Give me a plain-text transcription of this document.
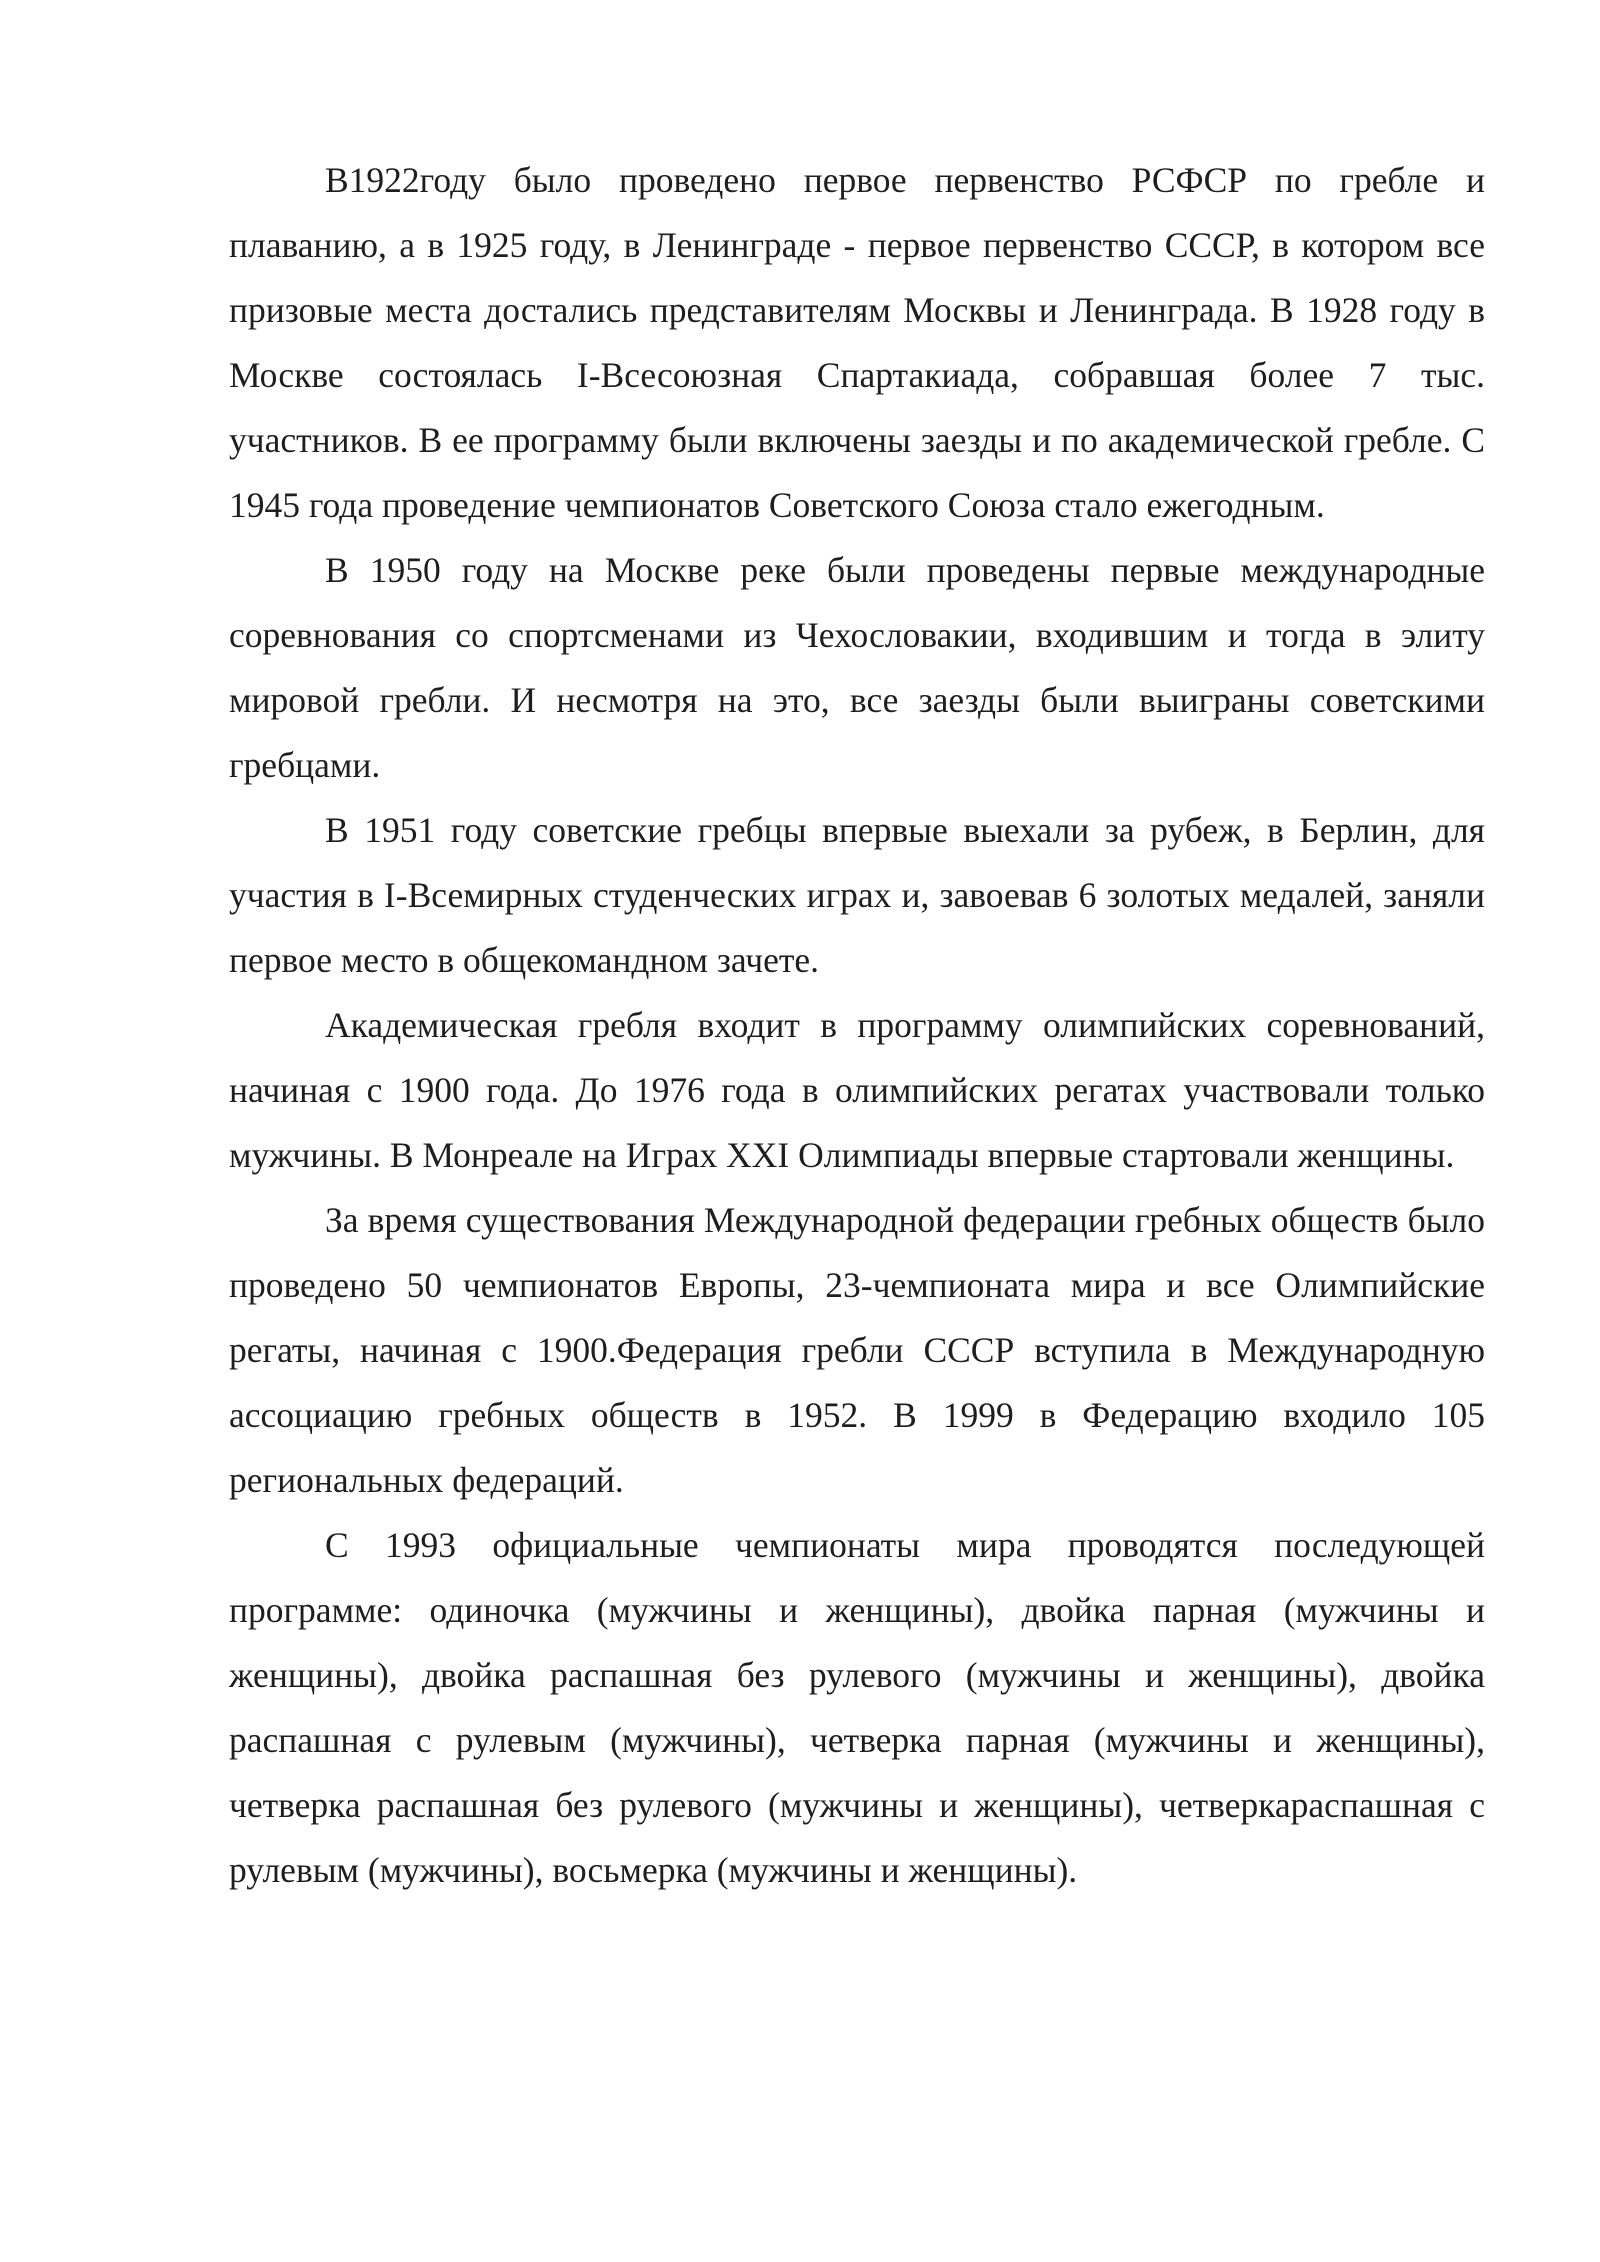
В1922году было проведено первое первенство РСФСР по гребле и плаванию, а в 1925 году, в Ленинграде - первое первенство СССР, в котором все призовые места достались представителям Москвы и Ленинграда. В 1928 году в Москве состоялась I-Всесоюзная Спартакиада, собравшая более 7 тыс. участников. В ее программу были включены заезды и по академической гребле. С 1945 года проведение чемпионатов Советского Союза стало ежегодным.

В 1950 году на Москве реке были проведены первые международные соревнования со спортсменами из Чехословакии, входившим и тогда в элиту мировой гребли. И несмотря на это, все заезды были выиграны советскими гребцами.

В 1951 году советские гребцы впервые выехали за рубеж, в Берлин, для участия в I-Всемирных студенческих играх и, завоевав 6 золотых медалей, заняли первое место в общекомандном зачете.

Академическая гребля входит в программу олимпийских соревнований, начиная с 1900 года. До 1976 года в олимпийских регатах участвовали только мужчины. В Монреале на Играх XXI Олимпиады впервые стартовали женщины.

За время существования Международной федерации гребных обществ было проведено 50 чемпионатов Европы, 23-чемпионата мира и все Олимпийские регаты, начиная с 1900.Федерация гребли СССР вступила в Международную ассоциацию гребных обществ в 1952. В 1999 в Федерацию входило 105 региональных федераций.

С 1993 официальные чемпионаты мира проводятся последующей программе: одиночка (мужчины и женщины), двойка парная (мужчины и женщины), двойка распашная без рулевого (мужчины и женщины), двойка распашная с рулевым (мужчины), четверка парная (мужчины и женщины), четверка распашная без рулевого (мужчины и женщины), четверкараспашная с рулевым (мужчины), восьмерка (мужчины и женщины).
